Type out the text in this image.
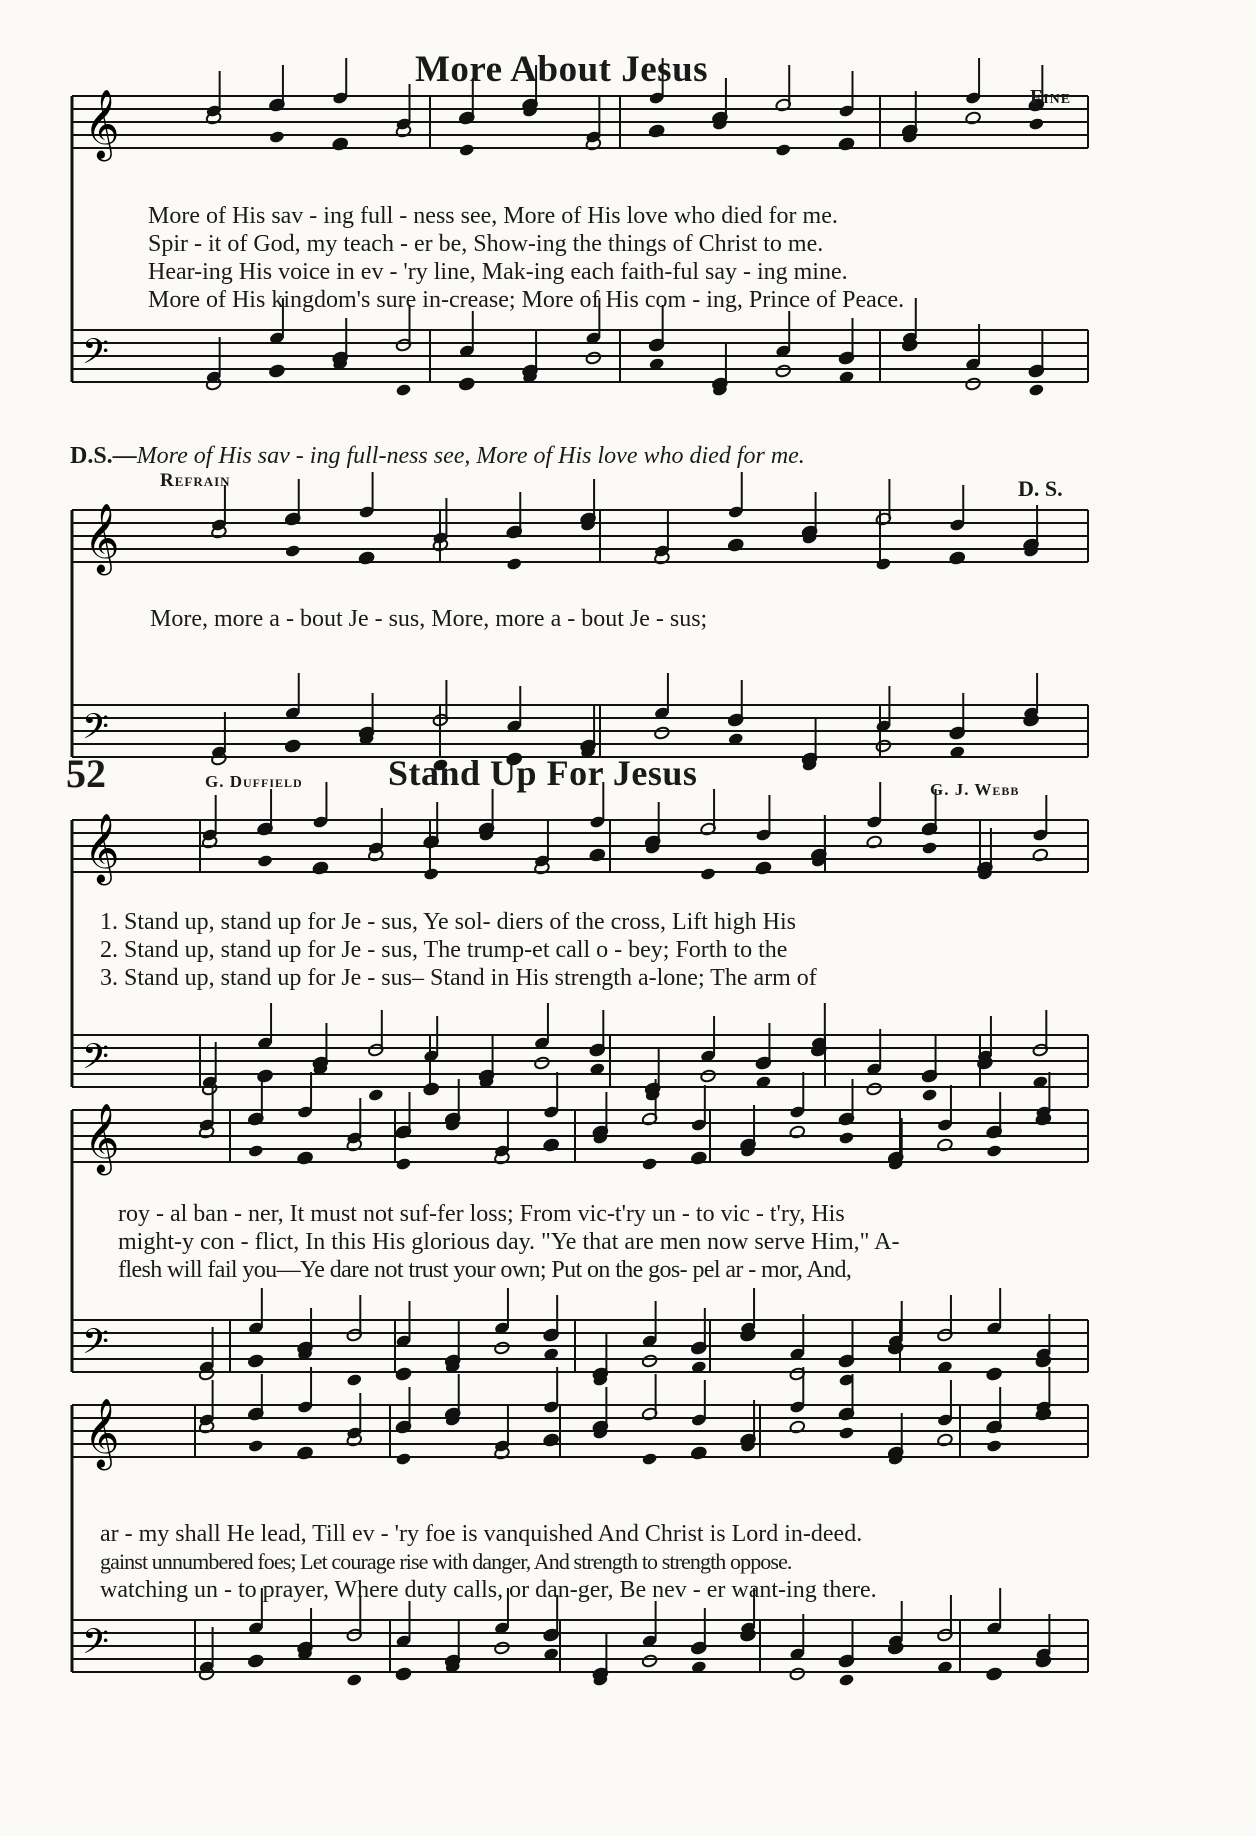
𝄞
𝄢
𝄞
𝄢
𝄞
𝄢
𝄞
𝄢
𝄞
𝄢
More About Jesus
Fine
More of His sav - ing full - ness see, More of His love who died for me.
Spir - it of God, my teach - er be, Show-ing the things of Christ to me.
Hear-ing His voice in ev - 'ry line, Mak-ing each faith-ful say - ing mine.
More of His kingdom's sure in-crease; More of His com - ing, Prince of Peace.
D.S.—More of His sav - ing full-ness see, More of His love who died for me.
Refrain	D. S.
More, more a - bout Je - sus, More, more a - bout Je - sus;
52	G. Duffield Stand Up For Jesus	G. J. Webb
1. Stand up, stand up for Je - sus, Ye sol- diers of the cross, Lift high His
2. Stand up, stand up for Je - sus, The trump-et call o - bey; Forth to the
3. Stand up, stand up for Je - sus– Stand in His strength a-lone; The arm of
roy - al ban - ner, It must not suf-fer loss; From vic-t'ry un - to vic - t'ry, His
might-y con - flict, In this His glorious day. "Ye that are men now serve Him," A-
flesh will fail you—Ye dare not trust your own; Put on the gos- pel ar - mor, And,
ar - my shall He lead, Till ev - 'ry foe is vanquished And Christ is Lord in-deed.
gainst unnumbered foes; Let courage rise with danger, And strength to strength oppose.
watching un - to prayer, Where duty calls, or dan-ger, Be nev - er want-ing there.
